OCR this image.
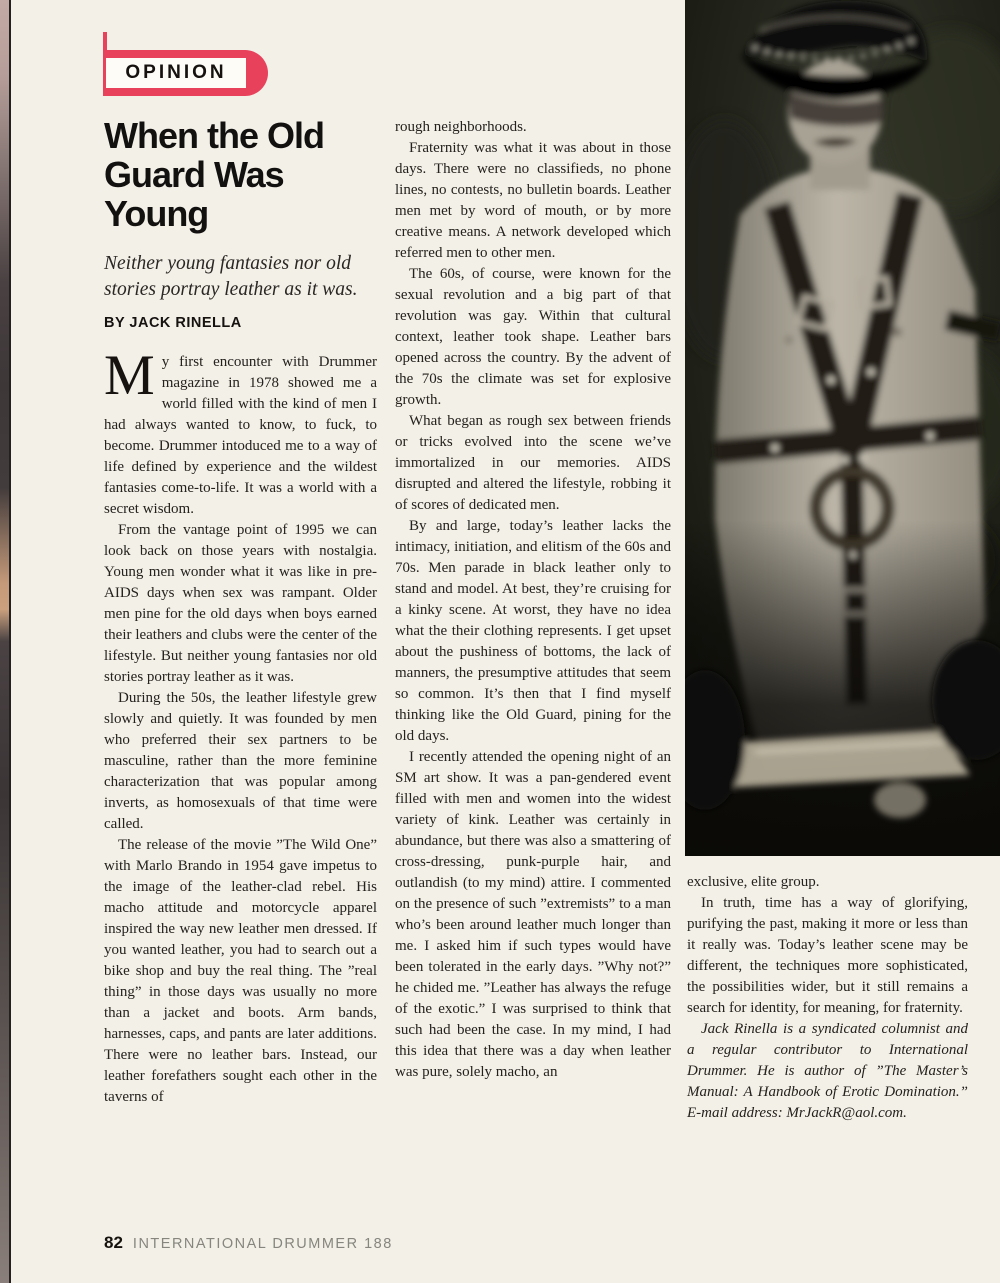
OPINION
When the Old
Guard Was
Young

Neither young fantasies nor old stories portray leather as it was.

BY JACK RINELLA

My first encounter with Drummer magazine in 1978 showed me a world filled with the kind of men I had always wanted to know, to fuck, to become. Drummer intoduced me to a way of life defined by experience and the wildest fantasies come-to-life. It was a world with a secret wisdom.

From the vantage point of 1995 we can look back on those years with nostalgia. Young men wonder what it was like in pre-AIDS days when sex was rampant. Older men pine for the old days when boys earned their leathers and clubs were the center of the lifestyle. But neither young fantasies nor old stories portray leather as it was.

During the 50s, the leather lifestyle grew slowly and quietly. It was founded by men who preferred their sex partners to be masculine, rather than the more feminine characterization that was popular among inverts, as homosexuals of that time were called.

The release of the movie ”The Wild One” with Marlo Brando in 1954 gave impetus to the image of the leather-clad rebel. His macho attitude and motorcycle apparel inspired the way new leather men dressed. If you wanted leather, you had to search out a bike shop and buy the real thing. The ”real thing” in those days was usually no more than a jacket and boots. Arm bands, harnesses, caps, and pants are later additions. There were no leather bars. Instead, our leather forefathers sought each other in the taverns of

rough neighborhoods.

Fraternity was what it was about in those days. There were no classifieds, no phone lines, no contests, no bulletin boards. Leather men met by word of mouth, or by more creative means. A network developed which referred men to other men.

The 60s, of course, were known for the sexual revolution and a big part of that revolution was gay. Within that cultural context, leather took shape. Leather bars opened across the country. By the advent of the 70s the climate was set for explosive growth.

What began as rough sex between friends or tricks evolved into the scene we’ve immortalized in our memories. AIDS disrupted and altered the lifestyle, robbing it of scores of dedicated men.

By and large, today’s leather lacks the intimacy, initiation, and elitism of the 60s and 70s. Men parade in black leather only to stand and model. At best, they’re cruising for a kinky scene. At worst, they have no idea what the their clothing represents. I get upset about the pushiness of bottoms, the lack of manners, the presumptive attitudes that seem so common. It’s then that I find myself thinking like the Old Guard, pining for the old days.

I recently attended the opening night of an SM art show. It was a pan-gendered event filled with men and women into the widest variety of kink. Leather was certainly in abundance, but there was also a smattering of cross-dressing, punk-purple hair, and outlandish (to my mind) attire. I commented on the presence of such ”extremists” to a man who’s been around leather much longer than me. I asked him if such types would have been tolerated in the early days. ”Why not?” he chided me. ”Leather has always the refuge of the exotic.” I was surprised to think that such had been the case. In my mind, I had this idea that there was a day when leather was pure, solely macho, an

exclusive, elite group.

In truth, time has a way of glorifying, purifying the past, making it more or less than it really was. Today’s leather scene may be different, the techniques more sophisticated, the possibilities wider, but it still remains a search for identity, for meaning, for fraternity.

Jack Rinella is a syndicated columnist and a regular contributor to International Drummer. He is author of ”The Master’s Manual: A Handbook of Erotic Domination.” E-mail address: MrJackR@aol.com.

82 INTERNATIONAL DRUMMER 188
